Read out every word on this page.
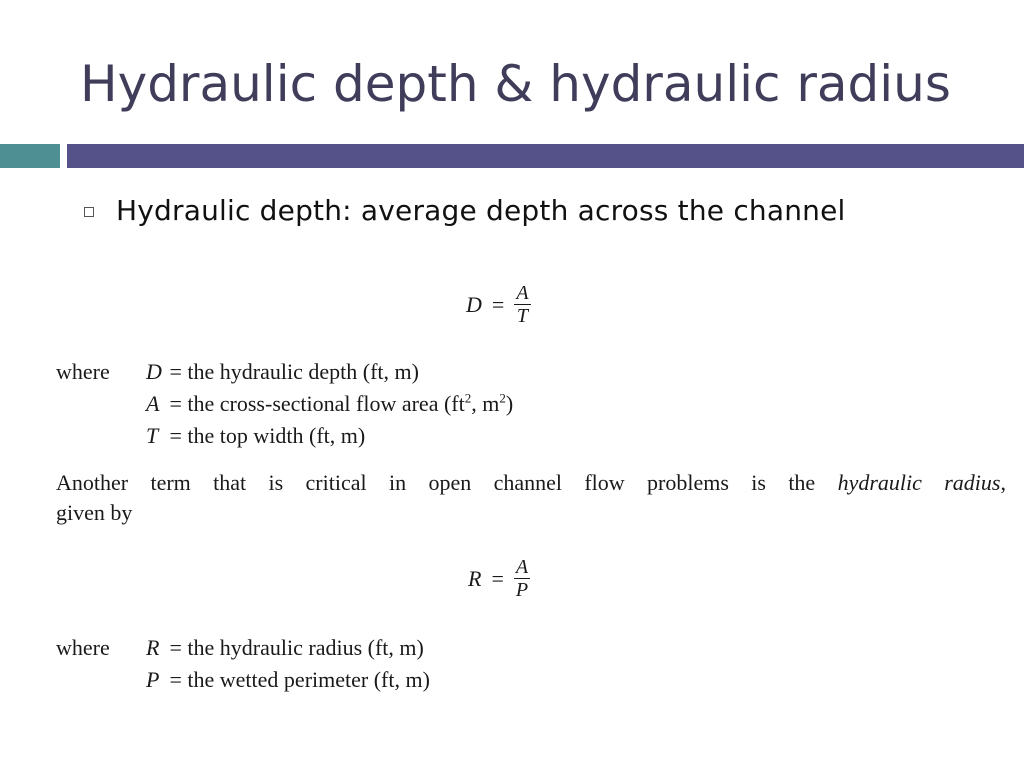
Hydraulic depth & hydraulic radius
Hydraulic depth: average depth across the channel
$D = \frac{A}{T}$
where D = the hydraulic depth (ft, m)
A = the cross-sectional flow area ($ft^2$, $m^2$)
T = the top width (ft, m)
Another term that is critical in open channel flow problems is the hydraulic radius,
given by
$R = \frac{A}{P}$
where R = the hydraulic radius (ft, m)
P = the wetted perimeter (ft, m)
